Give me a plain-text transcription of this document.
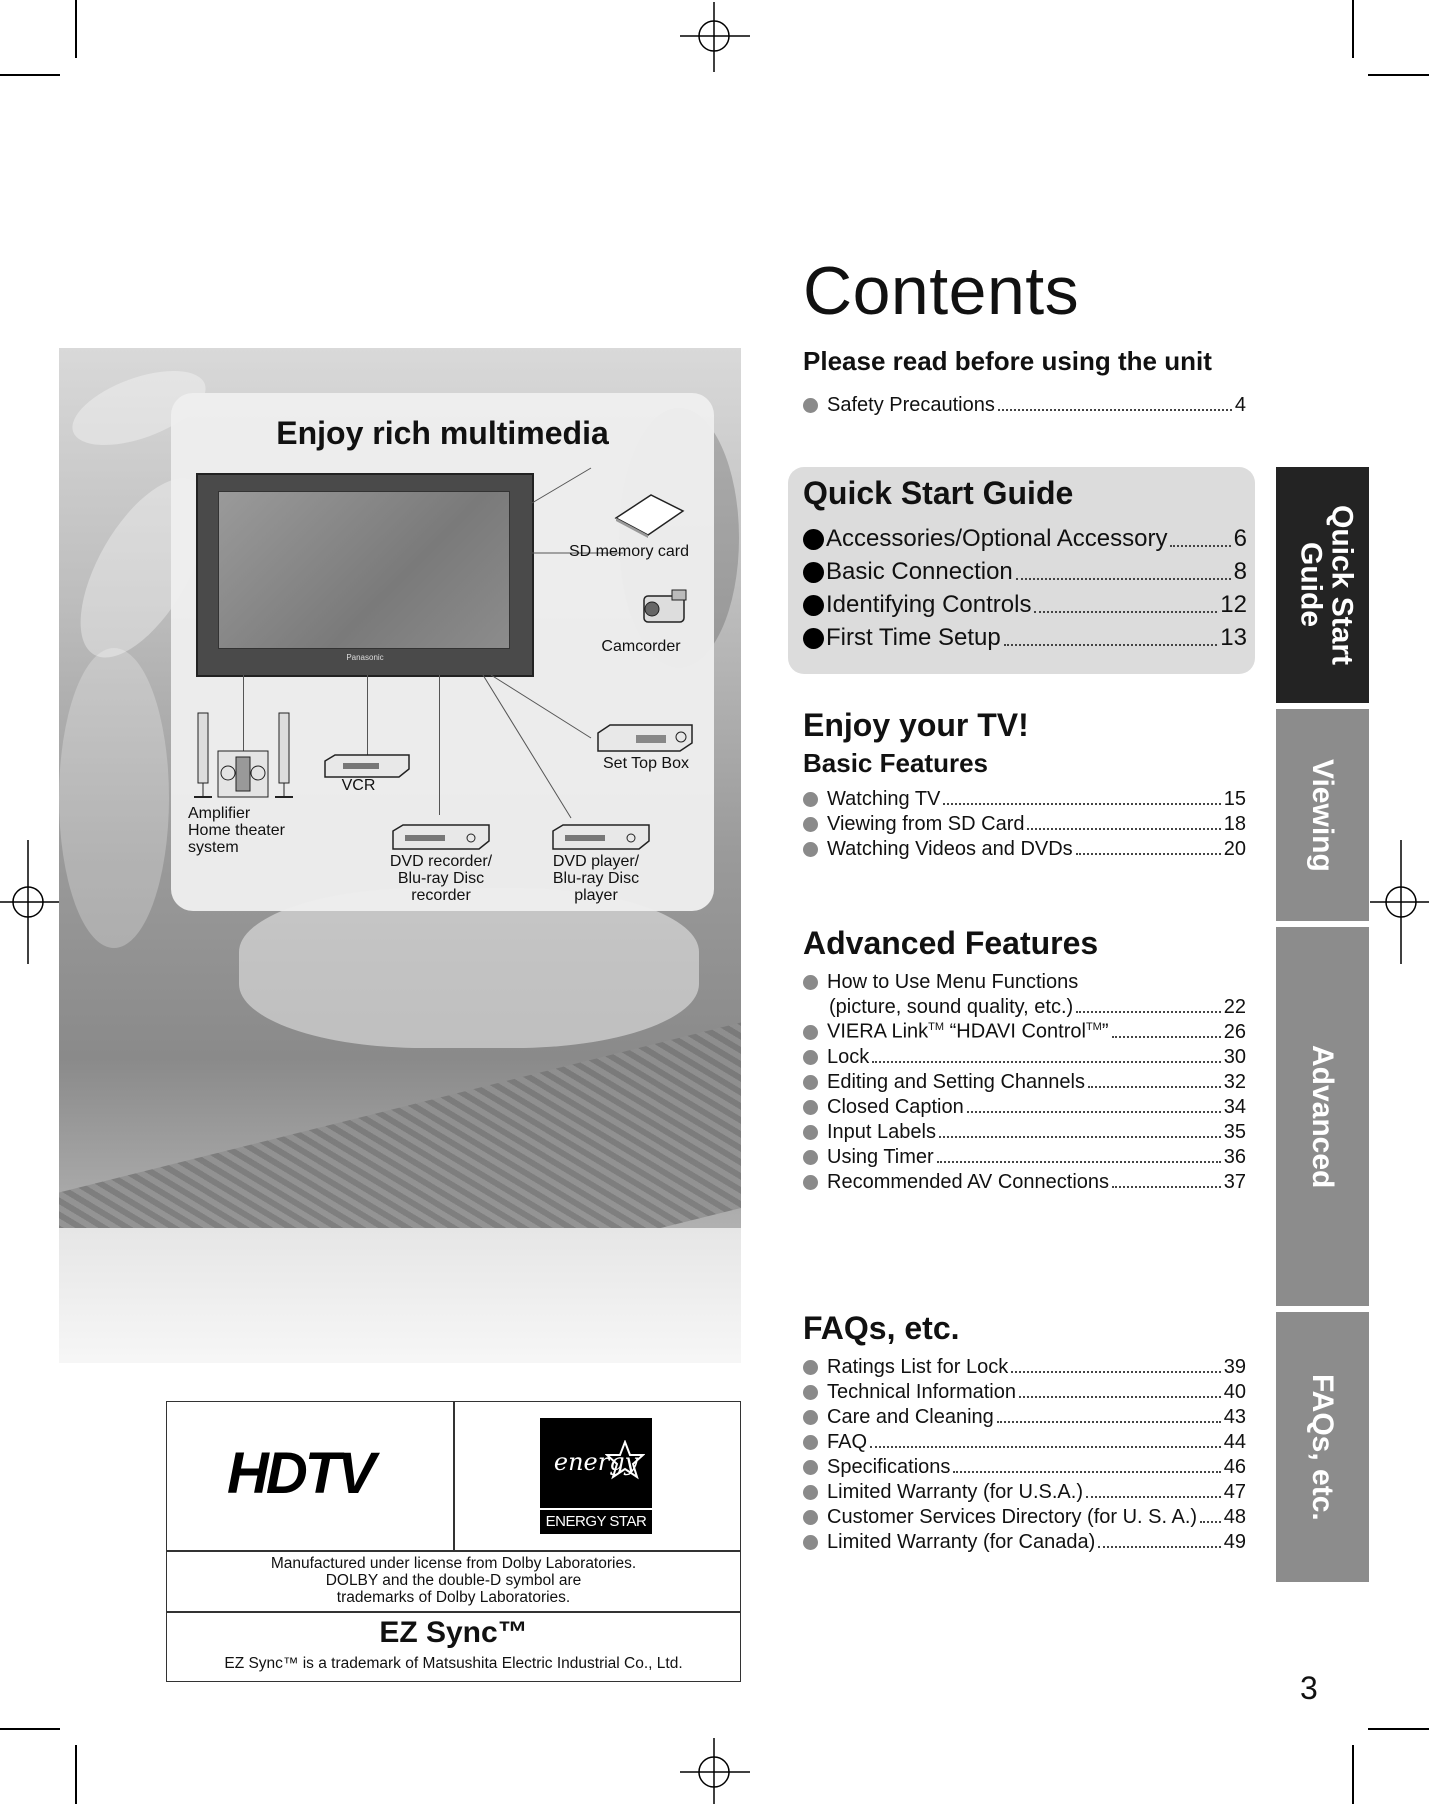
Enjoy rich multimedia
Panasonic
SD memory card
Camcorder
Set Top Box
Amplifier
Home theater
system
VCR
DVD recorder/
Blu-ray Disc
recorder
DVD player/
Blu-ray Disc
player
HDTV	energy
ENERGY STAR
Manufactured under license from Dolby Laboratories.
DOLBY and the double-D symbol are
trademarks of Dolby Laboratories.
EZ Sync™
EZ Sync™ is a trademark of Matsushita Electric Industrial Co., Ltd.
Contents
Please read before using the unit
Safety Precautions	4
Quick Start Guide
Accessories/Optional Accessory	6
Basic Connection	8
Identifying Controls	12
First Time Setup	13
Enjoy your TV!
Basic Features
Watching TV	15
Viewing from SD Card	18
Watching Videos and DVDs	20
Advanced Features
How to Use Menu Functions
(picture, sound quality, etc.)	22
VIERA Link™ “HDAVI Control™”	26
Lock	30
Editing and Setting Channels	32
Closed Caption	34
Input Labels	35
Using Timer	36
Recommended AV Connections	37
FAQs, etc.
Ratings List for Lock	39
Technical Information	40
Care and Cleaning	43
FAQ	44
Specifications	46
Limited Warranty (for U.S.A.)	47
Customer Services Directory (for U. S. A.) 48
Limited Warranty (for Canada)	49
Quick Start Guide
Viewing
Advanced
FAQs, etc.
3
